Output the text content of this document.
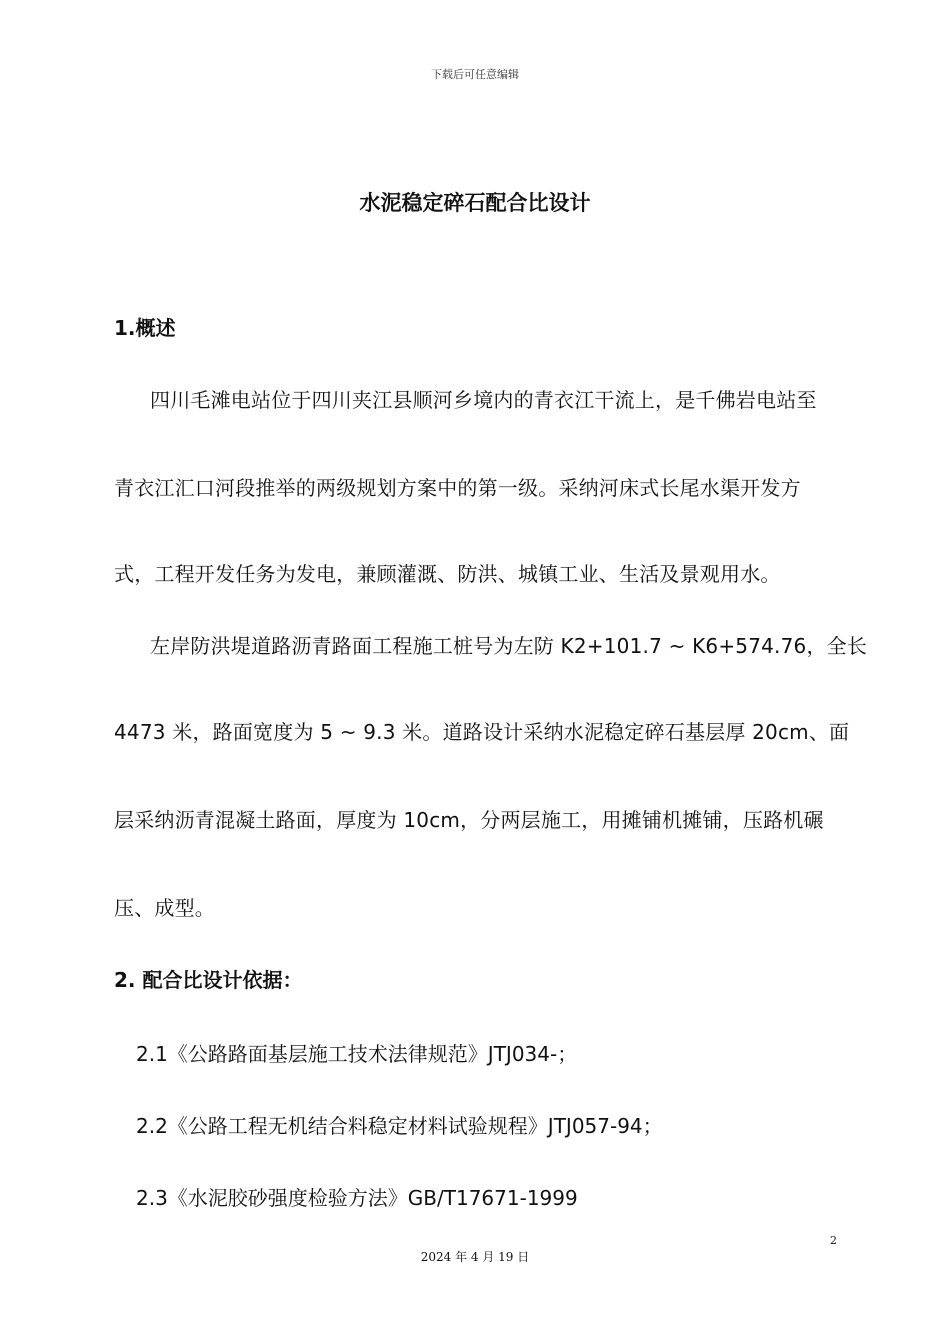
下载后可任意编辑
水泥稳定碎石配合比设计
1.概述
四川毛滩电站位于四川夹江县顺河乡境内的青衣江干流上，是千佛岩电站至
青衣江汇口河段推举的两级规划方案中的第一级。采纳河床式长尾水渠开发方
式，工程开发任务为发电，兼顾灌溉、防洪、城镇工业、生活及景观用水。
左岸防洪堤道路沥青路面工程施工桩号为左防 K2+101.7 ~ K6+574.76，全长
4473 米，路面宽度为 5 ~ 9.3 米。道路设计采纳水泥稳定碎石基层厚 20cm、面
层采纳沥青混凝土路面，厚度为 10cm，分两层施工，用摊铺机摊铺，压路机碾
压、成型。
2. 配合比设计依据：
2.1《公路路面基层施工技术法律规范》JTJ034-；
2.2《公路工程无机结合料稳定材料试验规程》JTJ057-94；
2.3《水泥胶砂强度检验方法》GB/T17671-1999
2
2024 年 4 月 19 日
